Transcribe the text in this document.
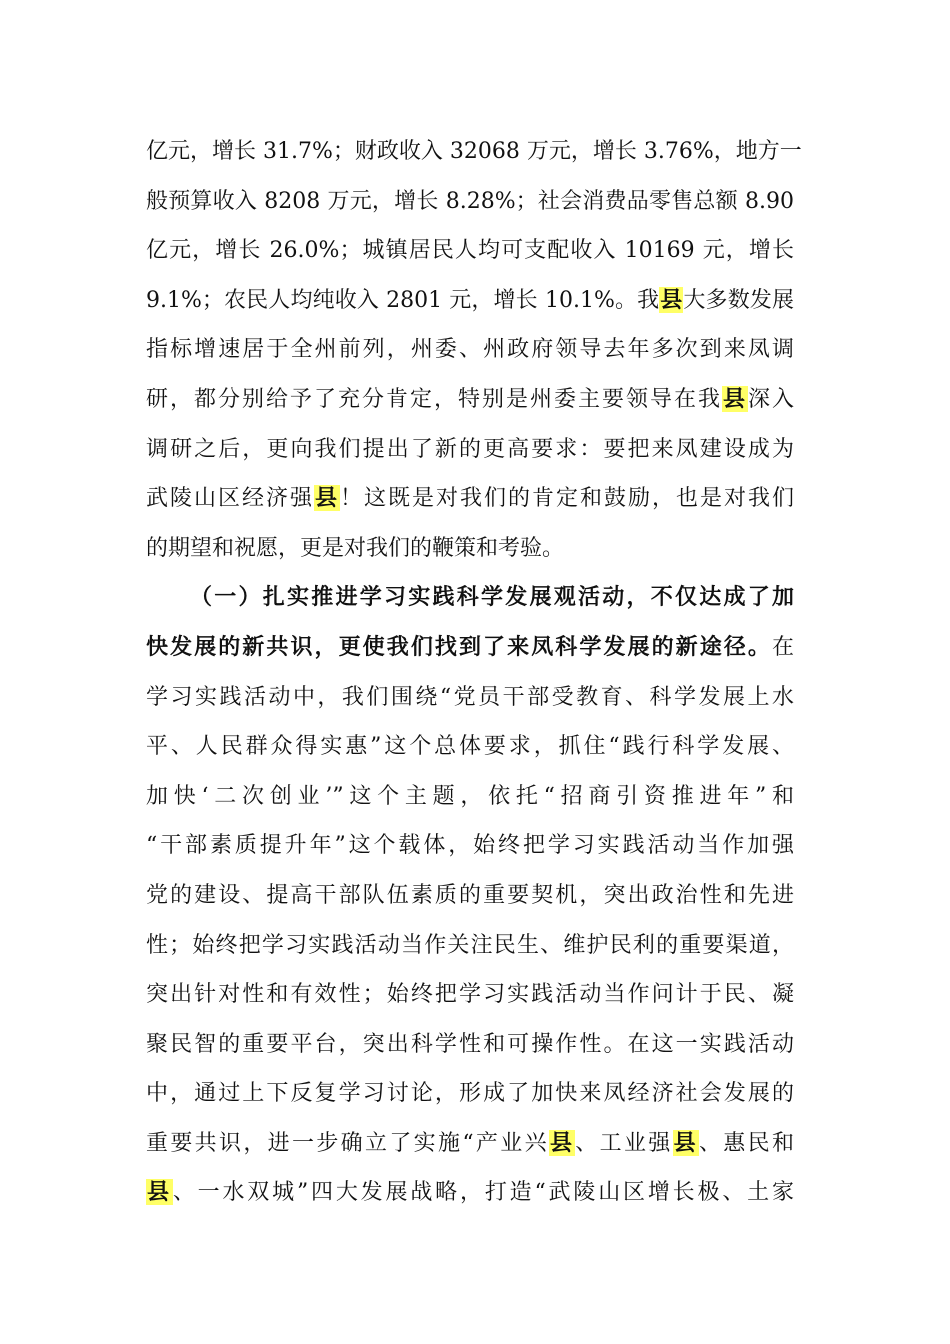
亿元，增长 31.7%；财政收入 32068 万元，增长 3.76%，地方一
般预算收入 8208 万元，增长 8.28%；社会消费品零售总额 8.90
亿元，增长 26.0%；城镇居民人均可支配收入 10169 元，增长
9.1%；农民人均纯收入 2801 元，增长 10.1%。我县大多数发展
指标增速居于全州前列，州委、州政府领导去年多次到来凤调
研，都分别给予了充分肯定，特别是州委主要领导在我县深入
调研之后，更向我们提出了新的更高要求：要把来凤建设成为
武陵山区经济强县！这既是对我们的肯定和鼓励，也是对我们
的期望和祝愿，更是对我们的鞭策和考验。
（一）扎实推进学习实践科学发展观活动，不仅达成了加
快发展的新共识，更使我们找到了来凤科学发展的新途径。在
学习实践活动中，我们围绕“党员干部受教育、科学发展上水
平、人民群众得实惠”这个总体要求，抓住“践行科学发展、
加快‘二次创业’”这个主题，依托“招商引资推进年”和
“干部素质提升年”这个载体，始终把学习实践活动当作加强
党的建设、提高干部队伍素质的重要契机，突出政治性和先进
性；始终把学习实践活动当作关注民生、维护民利的重要渠道，
突出针对性和有效性；始终把学习实践活动当作问计于民、凝
聚民智的重要平台，突出科学性和可操作性。在这一实践活动
中，通过上下反复学习讨论，形成了加快来凤经济社会发展的
重要共识，进一步确立了实施“产业兴县、工业强县、惠民和
县、一水双城”四大发展战略，打造“武陵山区增长极、土家
